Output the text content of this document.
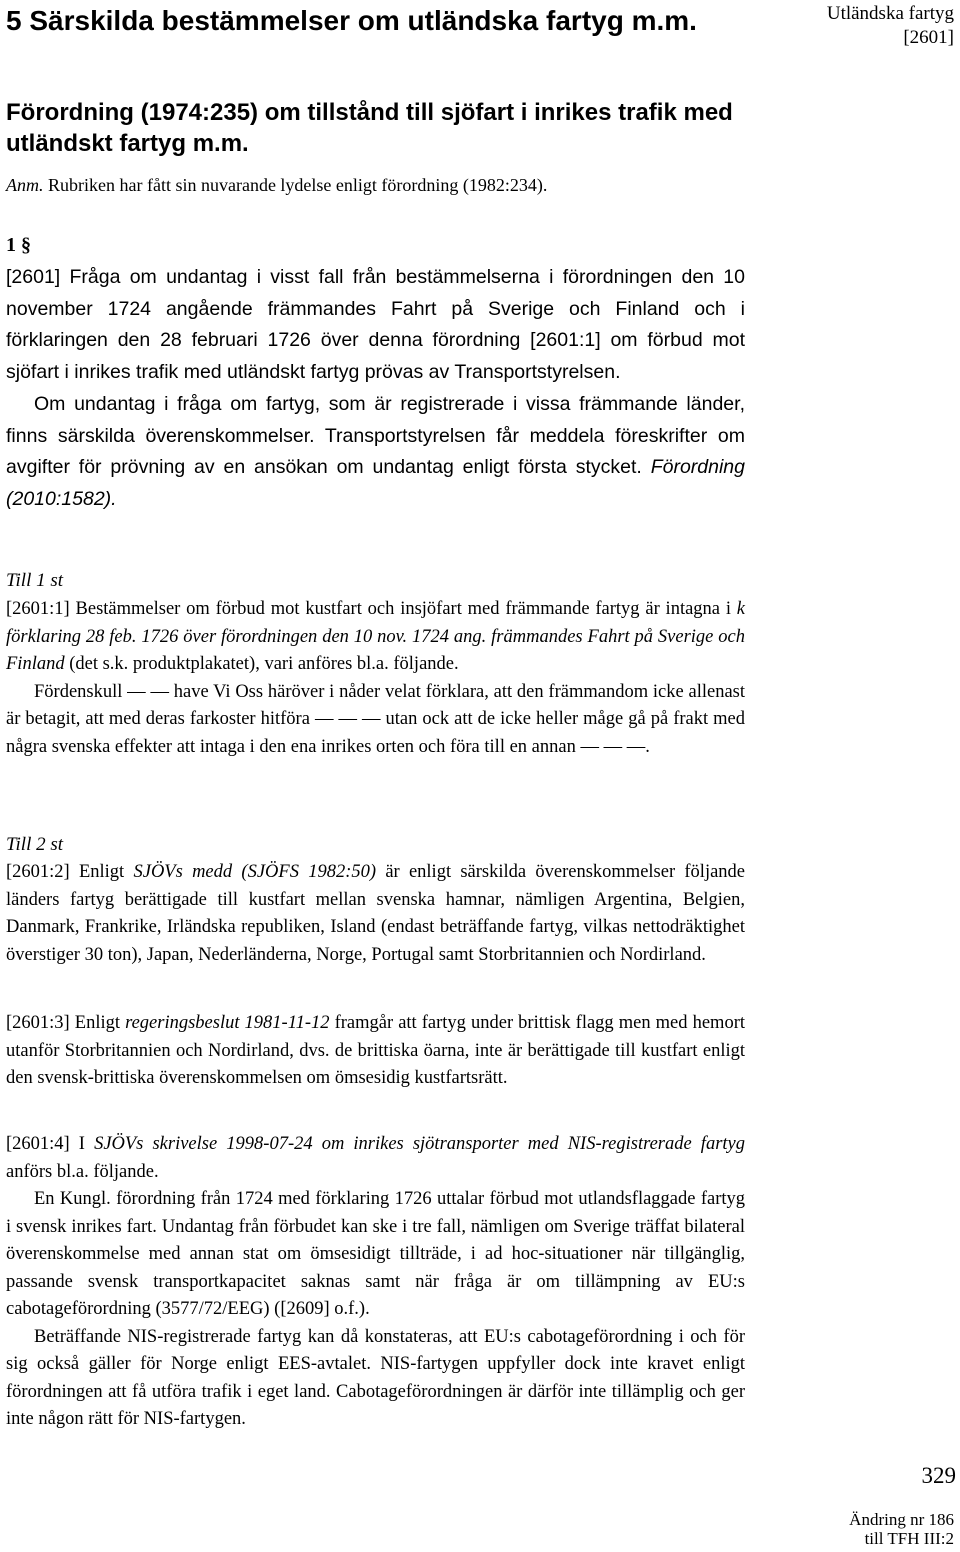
5 Särskilda bestämmelser om utländska fartyg m.m.	Utländska fartyg
[2601]
Förordning (1974:235) om tillstånd till sjöfart i inrikes trafik med utländskt fartyg m.m.
Anm. Rubriken har fått sin nuvarande lydelse enligt förordning (1982:234).
1 §
[2601] Fråga om undantag i visst fall från bestämmelserna i förordningen den 10 november 1724 angående främmandes Fahrt på Sverige och Finland och i förklaringen den 28 februari 1726 över denna förordning [2601:1] om förbud mot sjöfart i inrikes trafik med utländskt fartyg prövas av Transportstyrelsen.
Om undantag i fråga om fartyg, som är registrerade i vissa främmande länder, finns särskilda överenskommelser. Transportstyrelsen får meddela föreskrifter om avgifter för prövning av en ansökan om undantag enligt första stycket. Förordning (2010:1582).
Till 1 st
[2601:1] Bestämmelser om förbud mot kustfart och insjöfart med främmande fartyg är intagna i k förklaring 28 feb. 1726 över förordningen den 10 nov. 1724 ang. främmandes Fahrt på Sverige och Finland (det s.k. produktplakatet), vari anföres bl.a. följande.
Fördenskull — — have Vi Oss häröver i nåder velat förklara, att den främmandom icke allenast är betagit, att med deras farkoster hitföra — — — utan ock att de icke heller måge gå på frakt med några svenska effekter att intaga i den ena inrikes orten och föra till en annan — — —.
Till 2 st
[2601:2] Enligt SJÖVs medd (SJÖFS 1982:50) är enligt särskilda överenskommelser följande länders fartyg berättigade till kustfart mellan svenska hamnar, nämligen Argentina, Belgien, Danmark, Frankrike, Irländska republiken, Island (endast beträffande fartyg, vilkas nettodräktighet överstiger 30 ton), Japan, Nederländerna, Norge, Portugal samt Storbritannien och Nordirland.
[2601:3] Enligt regeringsbeslut 1981-11-12 framgår att fartyg under brittisk flagg men med hemort utanför Storbritannien och Nordirland, dvs. de brittiska öarna, inte är berättigade till kustfart enligt den svensk-brittiska överenskommelsen om ömsesidig kustfartsrätt.
[2601:4] I SJÖVs skrivelse 1998-07-24 om inrikes sjötransporter med NIS-registrerade fartyg anförs bl.a. följande.
En Kungl. förordning från 1724 med förklaring 1726 uttalar förbud mot utlandsflaggade fartyg i svensk inrikes fart. Undantag från förbudet kan ske i tre fall, nämligen om Sverige träffat bilateral överenskommelse med annan stat om ömsesidigt tillträde, i ad hoc-situationer när tillgänglig, passande svensk transportkapacitet saknas samt när fråga är om tillämpning av EU:s cabotageförordning (3577/72/EEG) ([2609] o.f.).
Beträffande NIS-registrerade fartyg kan då konstateras, att EU:s cabotageförordning i och för sig också gäller för Norge enligt EES-avtalet. NIS-fartygen uppfyller dock inte kravet enligt förordningen att få utföra trafik i eget land. Cabotageförordningen är därför inte tillämplig och ger inte någon rätt för NIS-fartygen.
329
Ändring nr 186
till TFH III:2
